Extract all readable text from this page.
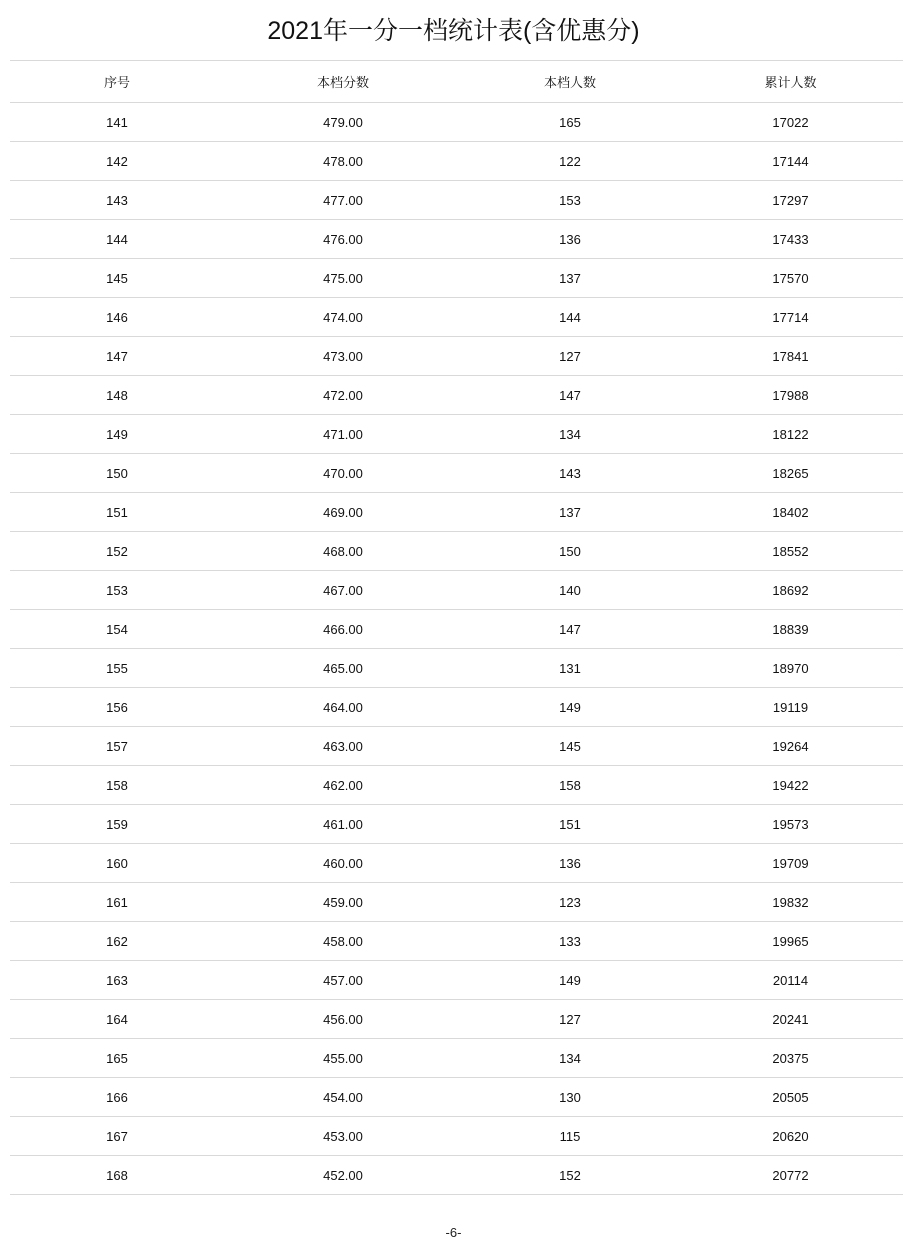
2021年一分一档统计表(含优惠分)
序号	本档分数	本档人数	累计人数
141	479.00	165	17022
142	478.00	122	17144
143	477.00	153	17297
144	476.00	136	17433
145	475.00	137	17570
146	474.00	144	17714
147	473.00	127	17841
148	472.00	147	17988
149	471.00	134	18122
150	470.00	143	18265
151	469.00	137	18402
152	468.00	150	18552
153	467.00	140	18692
154	466.00	147	18839
155	465.00	131	18970
156	464.00	149	19119
157	463.00	145	19264
158	462.00	158	19422
159	461.00	151	19573
160	460.00	136	19709
161	459.00	123	19832
162	458.00	133	19965
163	457.00	149	20114
164	456.00	127	20241
165	455.00	134	20375
166	454.00	130	20505
167	453.00	115	20620
168	452.00	152	20772
-6-
